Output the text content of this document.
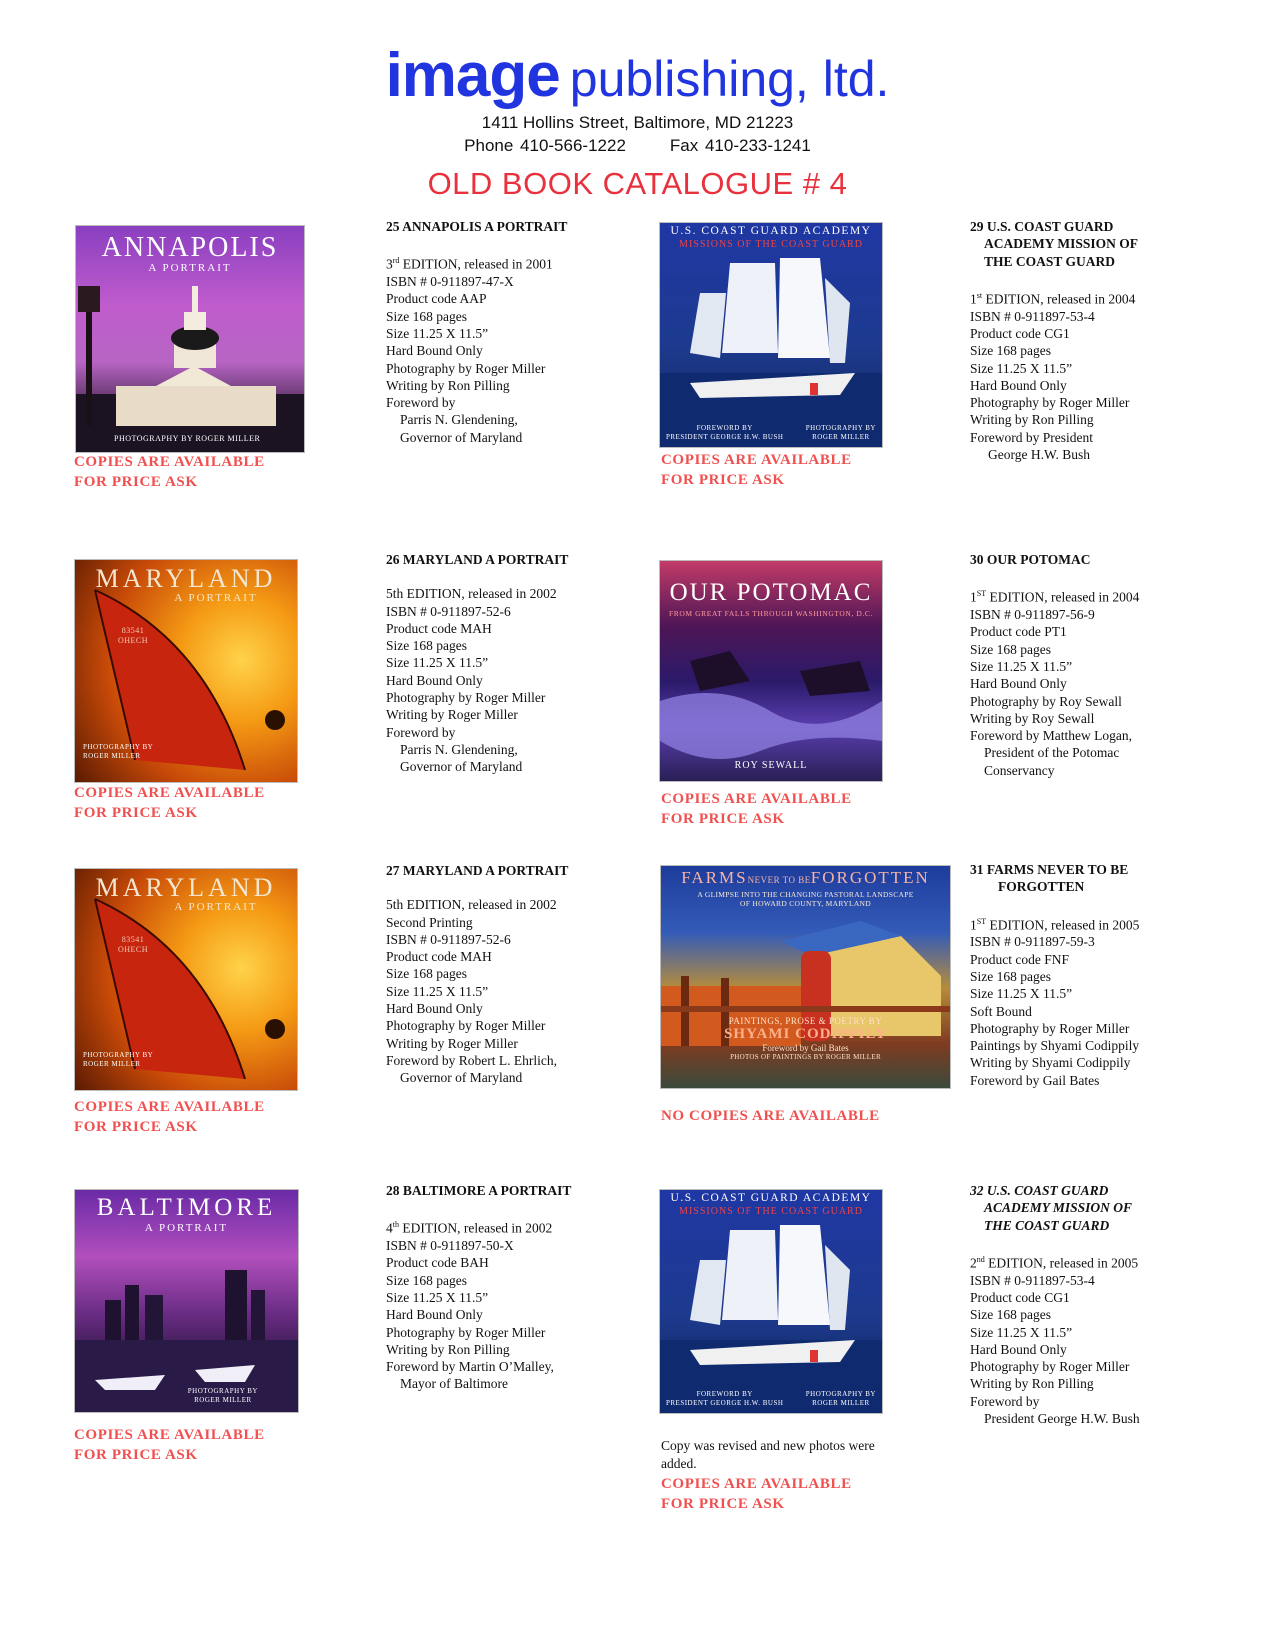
image publishing, ltd.
1411 Hollins Street, Baltimore, MD 21223
Phone 410-566-1222	Fax 410-233-1241
OLD BOOK CATALOGUE # 4
ANNAPOLIS
A PORTRAIT
PHOTOGRAPHY BY ROGER MILLER
COPIES ARE AVAILABLE
FOR PRICE ASK
25 ANNAPOLIS A PORTRAIT
3rd EDITION, released in 2001
ISBN # 0-911897-47-X
Product code AAP
Size 168 pages
Size 11.25 X 11.5”
Hard Bound Only
Photography by Roger Miller
Writing by Ron Pilling
Foreword by
Parris N. Glendening,
Governor of Maryland
U.S. COAST GUARD ACADEMY
MISSIONS OF THE COAST GUARD
FOREWORD BY
PRESIDENT GEORGE H.W. BUSH
PHOTOGRAPHY BY
ROGER MILLER
COPIES ARE AVAILABLE
FOR PRICE ASK
29 U.S. COAST GUARD
ACADEMY MISSION OF
THE COAST GUARD
1st EDITION, released in 2004
ISBN # 0-911897-53-4
Product code CG1
Size 168 pages
Size 11.25 X 11.5”
Hard Bound Only
Photography by Roger Miller
Writing by Ron Pilling
Foreword by President
George H.W. Bush
MARYLAND
A PORTRAIT
83541 OHECH
PHOTOGRAPHY BY
ROGER MILLER
COPIES ARE AVAILABLE
FOR PRICE ASK
26 MARYLAND A PORTRAIT
5th EDITION, released in 2002
ISBN # 0-911897-52-6
Product code MAH
Size 168 pages
Size 11.25 X 11.5”
Hard Bound Only
Photography by Roger Miller
Writing by Roger Miller
Foreword by
Parris N. Glendening,
Governor of Maryland
OUR POTOMAC
FROM GREAT FALLS THROUGH WASHINGTON, D.C.
ROY SEWALL
COPIES ARE AVAILABLE
FOR PRICE ASK
30 OUR POTOMAC
1ST EDITION, released in 2004
ISBN # 0-911897-56-9
Product code PT1
Size 168 pages
Size 11.25 X 11.5”
Hard Bound Only
Photography by Roy Sewall
Writing by Roy Sewall
Foreword by Matthew Logan,
President of the Potomac
Conservancy
MARYLAND
A PORTRAIT
83541 OHECH
PHOTOGRAPHY BY
ROGER MILLER
COPIES ARE AVAILABLE
FOR PRICE ASK
27 MARYLAND A PORTRAIT
5th EDITION, released in 2002
Second Printing
ISBN # 0-911897-52-6
Product code MAH
Size 168 pages
Size 11.25 X 11.5”
Hard Bound Only
Photography by Roger Miller
Writing by Roger Miller
Foreword by Robert L. Ehrlich,
Governor of Maryland
FARMSNEVER TO BEFORGOTTEN
A GLIMPSE INTO THE CHANGING PASTORAL LANDSCAPE
OF HOWARD COUNTY, MARYLAND
PAINTINGS, PROSE & POETRY BY
SHYAMI CODIPPILY
Foreword by Gail Bates
PHOTOS OF PAINTINGS BY ROGER MILLER
NO COPIES ARE AVAILABLE
31 FARMS NEVER TO BE
FORGOTTEN
1ST EDITION, released in 2005
ISBN # 0-911897-59-3
Product code FNF
Size 168 pages
Size 11.25 X 11.5”
Soft Bound
Photography by Roger Miller
Paintings by Shyami Codippily
Writing by Shyami Codippily
Foreword by Gail Bates
BALTIMORE
A PORTRAIT
PHOTOGRAPHY BY
ROGER MILLER
COPIES ARE AVAILABLE
FOR PRICE ASK
28 BALTIMORE A PORTRAIT
4th EDITION, released in 2002
ISBN # 0-911897-50-X
Product code BAH
Size 168 pages
Size 11.25 X 11.5”
Hard Bound Only
Photography by Roger Miller
Writing by Ron Pilling
Foreword by Martin O’Malley,
Mayor of Baltimore
U.S. COAST GUARD ACADEMY
MISSIONS OF THE COAST GUARD
FOREWORD BY
PRESIDENT GEORGE H.W. BUSH
PHOTOGRAPHY BY
ROGER MILLER
Copy was revised and new photos were
added.
COPIES ARE AVAILABLE
FOR PRICE ASK
32 U.S. COAST GUARD
ACADEMY MISSION OF
THE COAST GUARD
2nd EDITION, released in 2005
ISBN # 0-911897-53-4
Product code CG1
Size 168 pages
Size 11.25 X 11.5”
Hard Bound Only
Photography by Roger Miller
Writing by Ron Pilling
Foreword by
President George H.W. Bush
